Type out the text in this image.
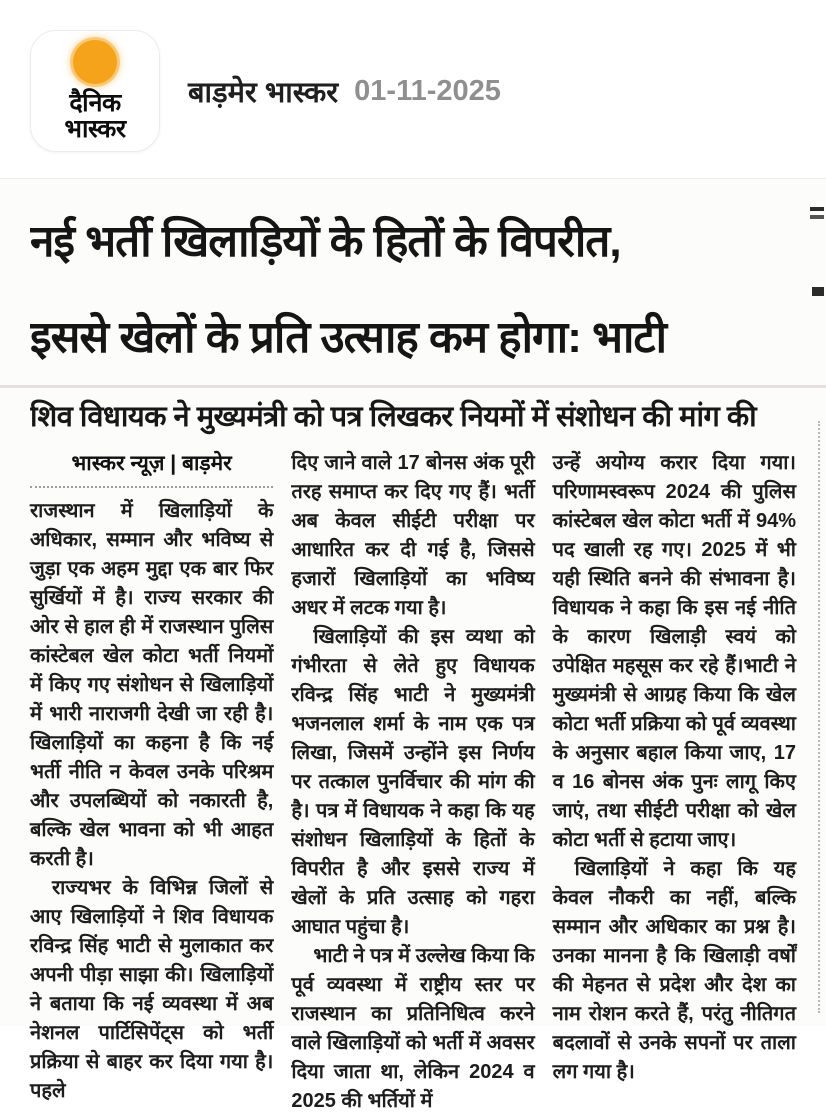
दैनिक
भास्कर
बाड़मेर भास्कर 01-11-2025
नई भर्ती खिलाड़ियों के हितों के विपरीत,
इससे खेलों के प्रति उत्साह कम होगा: भाटी
शिव विधायक ने मुख्यमंत्री को पत्र लिखकर नियमों में संशोधन की मांग की
भास्कर न्यूज़ | बाड़मेर

राजस्थान में खिलाड़ियों के अधिकार, सम्मान और भविष्य से जुड़ा एक अहम मुद्दा एक बार फिर सुर्खियों में है। राज्य सरकार की ओर से हाल ही में राजस्थान पुलिस कांस्टेबल खेल कोटा भर्ती नियमों में किए गए संशोधन से खिलाड़ियों में भारी नाराजगी देखी जा रही है। खिलाड़ियों का कहना है कि नई भर्ती नीति न केवल उनके परिश्रम और उपलब्धियों को नकारती है, बल्कि खेल भावना को भी आहत करती है।

राज्यभर के विभिन्न जिलों से आए खिलाड़ियों ने शिव विधायक रविन्द्र सिंह भाटी से मुलाकात कर अपनी पीड़ा साझा की। खिलाड़ियों ने बताया कि नई व्यवस्था में अब नेशनल पार्टिसिपेंट्स को भर्ती प्रक्रिया से बाहर कर दिया गया है। पहले

दिए जाने वाले 17 बोनस अंक पूरी तरह समाप्त कर दिए गए हैं। भर्ती अब केवल सीईटी परीक्षा पर आधारित कर दी गई है, जिससे हजारों खिलाड़ियों का भविष्य अधर में लटक गया है।

खिलाड़ियों की इस व्यथा को गंभीरता से लेते हुए विधायक रविन्द्र सिंह भाटी ने मुख्यमंत्री भजनलाल शर्मा के नाम एक पत्र लिखा, जिसमें उन्होंने इस निर्णय पर तत्काल पुनर्विचार की मांग की है। पत्र में विधायक ने कहा कि यह संशोधन खिलाड़ियों के हितों के विपरीत है और इससे राज्य में खेलों के प्रति उत्साह को गहरा आघात पहुंचा है।

भाटी ने पत्र में उल्लेख किया कि पूर्व व्यवस्था में राष्ट्रीय स्तर पर राजस्थान का प्रतिनिधित्व करने वाले खिलाड़ियों को भर्ती में अवसर दिया जाता था, लेकिन 2024 व 2025 की भर्तियों में

उन्हें अयोग्य करार दिया गया। परिणामस्वरूप 2024 की पुलिस कांस्टेबल खेल कोटा भर्ती में 94% पद खाली रह गए। 2025 में भी यही स्थिति बनने की संभावना है। विधायक ने कहा कि इस नई नीति के कारण खिलाड़ी स्वयं को उपेक्षित महसूस कर रहे हैं।भाटी ने मुख्यमंत्री से आग्रह किया कि खेल कोटा भर्ती प्रक्रिया को पूर्व व्यवस्था के अनुसार बहाल किया जाए, 17 व 16 बोनस अंक पुनः लागू किए जाएं, तथा सीईटी परीक्षा को खेल कोटा भर्ती से हटाया जाए।

खिलाड़ियों ने कहा कि यह केवल नौकरी का नहीं, बल्कि सम्मान और अधिकार का प्रश्न है। उनका मानना है कि खिलाड़ी वर्षों की मेहनत से प्रदेश और देश का नाम रोशन करते हैं, परंतु नीतिगत बदलावों से उनके सपनों पर ताला लग गया है।
